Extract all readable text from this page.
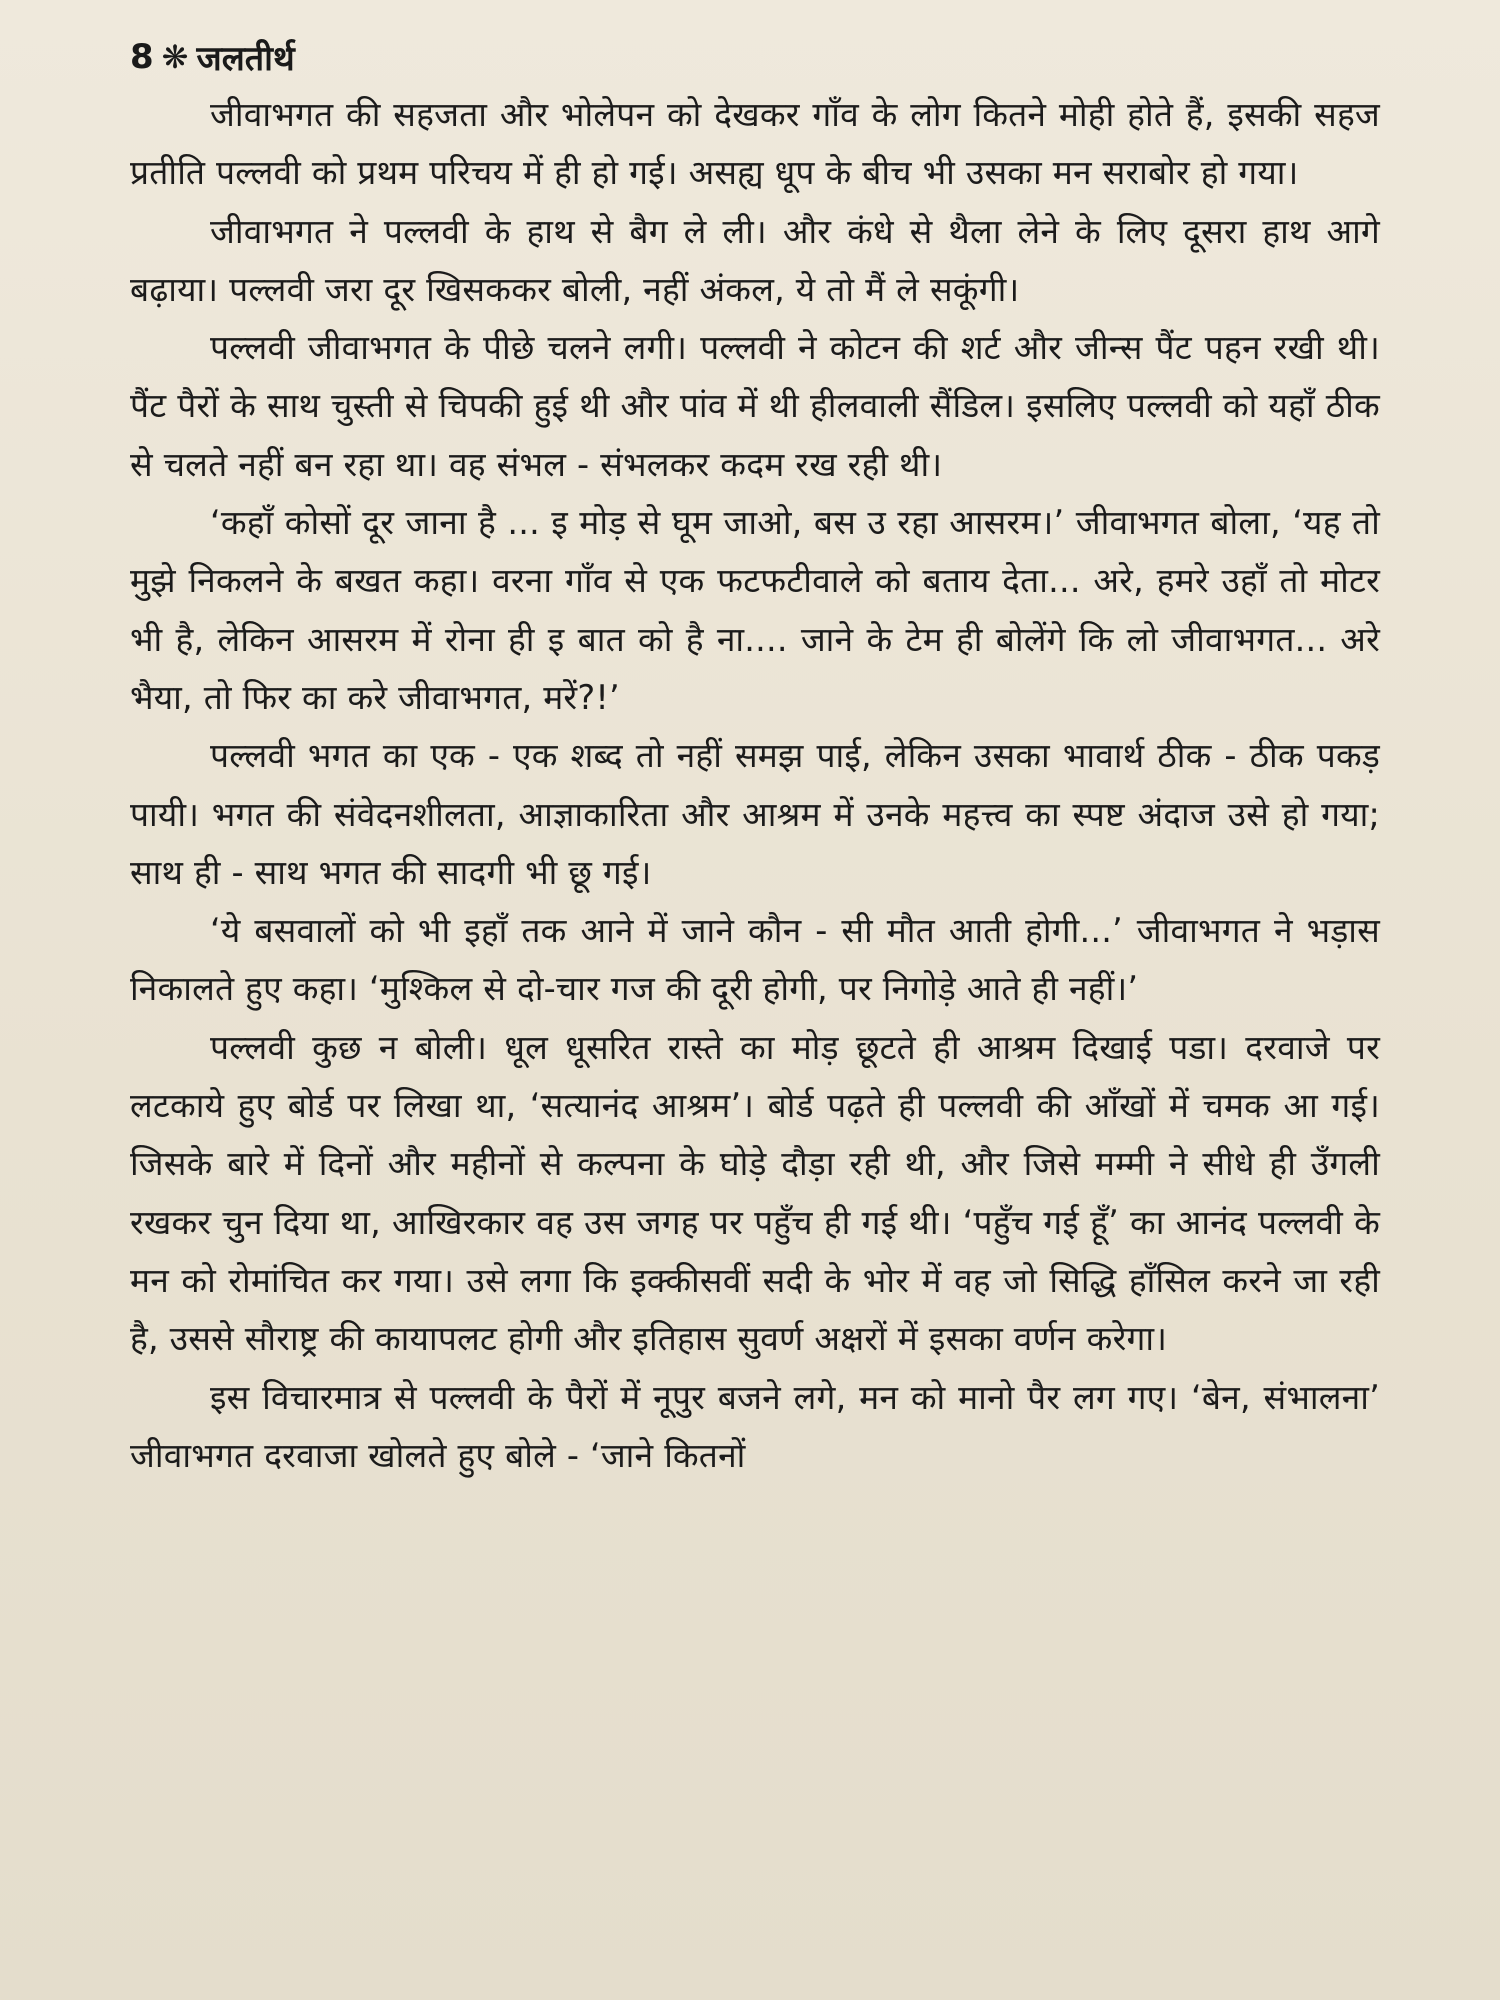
8 ❋ जलतीर्थ

जीवाभगत की सहजता और भोलेपन को देखकर गाँव के लोग कितने मोही होते हैं, इसकी सहज प्रतीति पल्लवी को प्रथम परिचय में ही हो गई। असह्य धूप के बीच भी उसका मन सराबोर हो गया।

जीवाभगत ने पल्लवी के हाथ से बैग ले ली। और कंधे से थैला लेने के लिए दूसरा हाथ आगे बढ़ाया। पल्लवी जरा दूर खिसककर बोली, नहीं अंकल, ये तो मैं ले सकूंगी।

पल्लवी जीवाभगत के पीछे चलने लगी। पल्लवी ने कोटन की शर्ट और जीन्स पैंट पहन रखी थी। पैंट पैरों के साथ चुस्ती से चिपकी हुई थी और पांव में थी हीलवाली सैंडिल। इसलिए पल्लवी को यहाँ ठीक से चलते नहीं बन रहा था। वह संभल - संभलकर कदम रख रही थी।

‘कहाँ कोसों दूर जाना है ... इ मोड़ से घूम जाओ, बस उ रहा आसरम।’ जीवाभगत बोला, ‘यह तो मुझे निकलने के बखत कहा। वरना गाँव से एक फटफटीवाले को बताय देता... अरे, हमरे उहाँ तो मोटर भी है, लेकिन आसरम में रोना ही इ बात को है ना.... जाने के टेम ही बोलेंगे कि लो जीवाभगत... अरे भैया, तो फिर का करे जीवाभगत, मरें?!’

पल्लवी भगत का एक - एक शब्द तो नहीं समझ पाई, लेकिन उसका भावार्थ ठीक - ठीक पकड़ पायी। भगत की संवेदनशीलता, आज्ञाकारिता और आश्रम में उनके महत्त्व का स्पष्ट अंदाज उसे हो गया; साथ ही - साथ भगत की सादगी भी छू गई।

‘ये बसवालों को भी इहाँ तक आने में जाने कौन - सी मौत आती होगी...’ जीवाभगत ने भड़ास निकालते हुए कहा। ‘मुश्किल से दो-चार गज की दूरी होगी, पर निगोड़े आते ही नहीं।’

पल्लवी कुछ न बोली। धूल धूसरित रास्ते का मोड़ छूटते ही आश्रम दिखाई पडा। दरवाजे पर लटकाये हुए बोर्ड पर लिखा था, ‘सत्यानंद आश्रम’। बोर्ड पढ़ते ही पल्लवी की आँखों में चमक आ गई। जिसके बारे में दिनों और महीनों से कल्पना के घोड़े दौड़ा रही थी, और जिसे मम्मी ने सीधे ही उँगली रखकर चुन दिया था, आखिरकार वह उस जगह पर पहुँच ही गई थी। ‘पहुँच गई हूँ’ का आनंद पल्लवी के मन को रोमांचित कर गया। उसे लगा कि इक्कीसवीं सदी के भोर में वह जो सिद्धि हाँसिल करने जा रही है, उससे सौराष्ट्र की कायापलट होगी और इतिहास सुवर्ण अक्षरों में इसका वर्णन करेगा।

इस विचारमात्र से पल्लवी के पैरों में नूपुर बजने लगे, मन को मानो पैर लग गए। ‘बेन, संभालना’ जीवाभगत दरवाजा खोलते हुए बोले - ‘जाने कितनों
